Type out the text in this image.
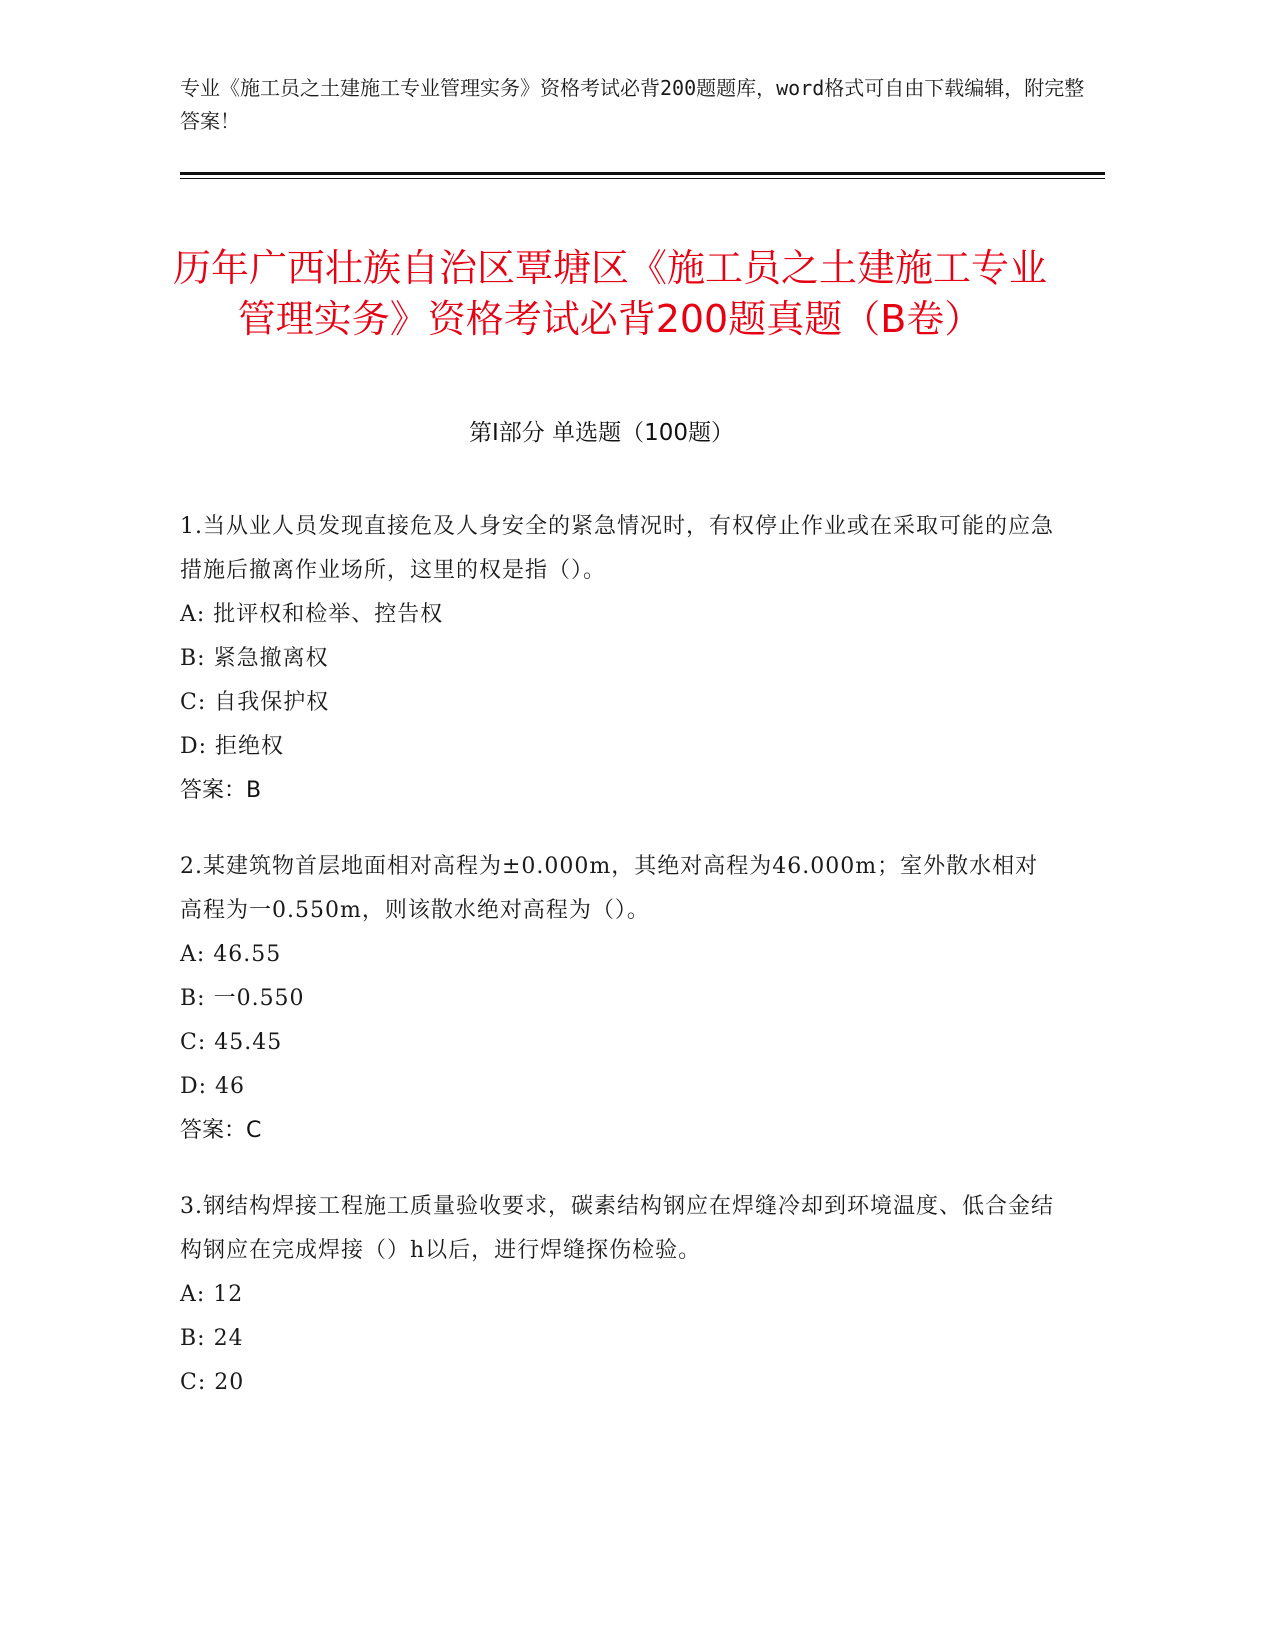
专业《施工员之土建施工专业管理实务》资格考试必背200题题库，word格式可自由下载编辑，附完整答案！
历年广西壮族自治区覃塘区《施工员之土建施工专业管理实务》资格考试必背200题真题（B卷）
第I部分 单选题（100题）
1.当从业人员发现直接危及人身安全的紧急情况时，有权停止作业或在采取可能的应急措施后撤离作业场所，这里的权是指（）。
A: 批评权和检举、控告权
B: 紧急撤离权
C: 自我保护权
D: 拒绝权
答案：B
2.某建筑物首层地面相对高程为±0.000m，其绝对高程为46.000m；室外散水相对高程为一0.550m，则该散水绝对高程为（）。
A: 46.55
B: 一0.550
C: 45.45
D: 46
答案：C
3.钢结构焊接工程施工质量验收要求，碳素结构钢应在焊缝冷却到环境温度、低合金结构钢应在完成焊接（）h以后，进行焊缝探伤检验。
A: 12
B: 24
C: 20
